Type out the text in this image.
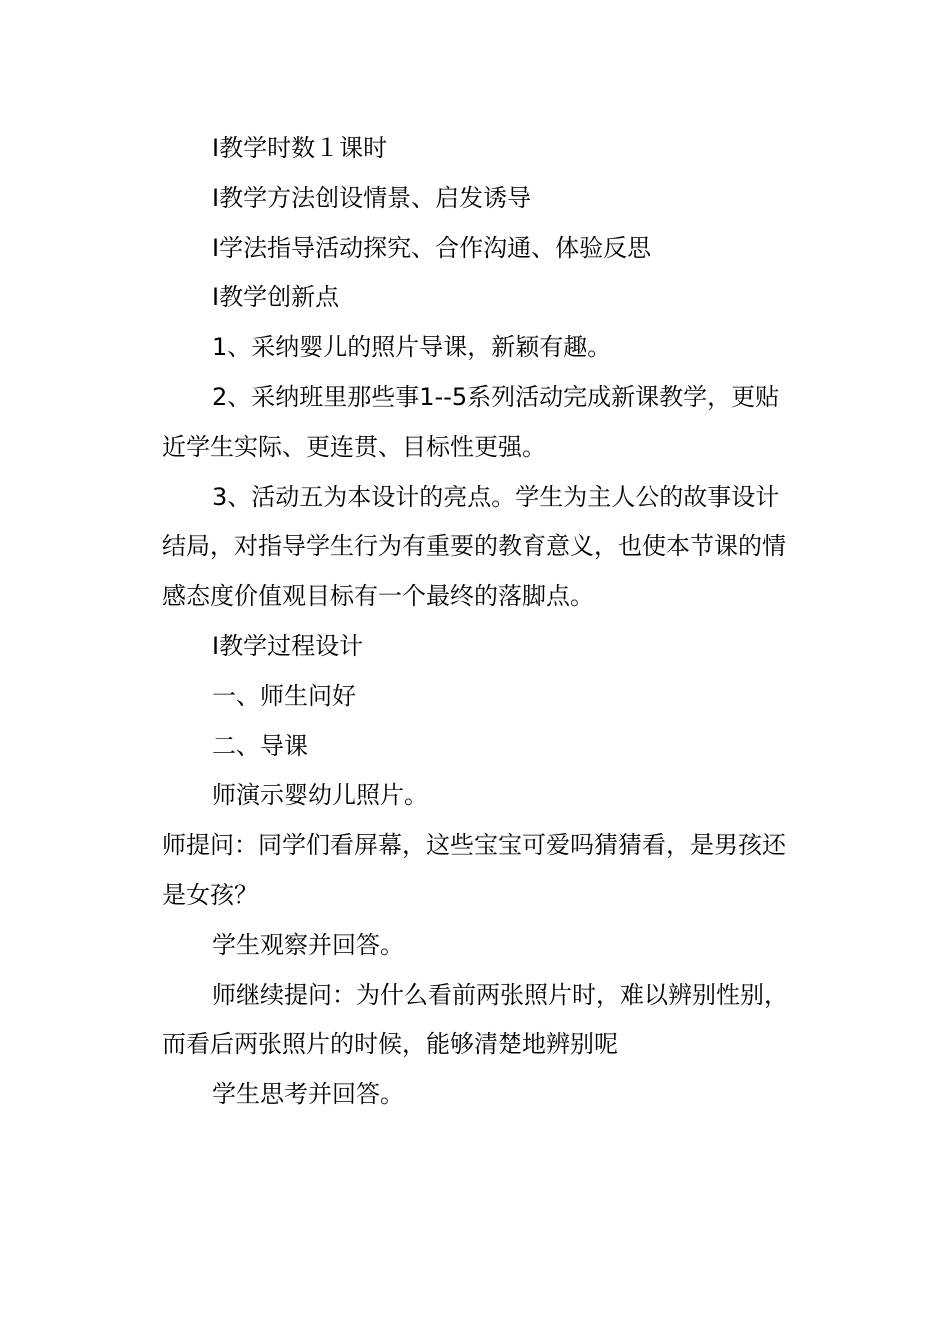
Ⅰ教学时数１课时

Ⅰ教学方法创设情景、启发诱导

Ⅰ学法指导活动探究、合作沟通、体验反思

Ⅰ教学创新点

1、采纳婴儿的照片导课，新颖有趣。

2、采纳班里那些事1--5系列活动完成新课教学，更贴近学生实际、更连贯、目标性更强。

3、活动五为本设计的亮点。学生为主人公的故事设计结局，对指导学生行为有重要的教育意义，也使本节课的情感态度价值观目标有一个最终的落脚点。

Ⅰ教学过程设计

一、师生问好

二、导课

师演示婴幼儿照片。

师提问：同学们看屏幕，这些宝宝可爱吗猜猜看，是男孩还是女孩？

学生观察并回答。

师继续提问：为什么看前两张照片时，难以辨别性别，而看后两张照片的时候，能够清楚地辨别呢

学生思考并回答。
